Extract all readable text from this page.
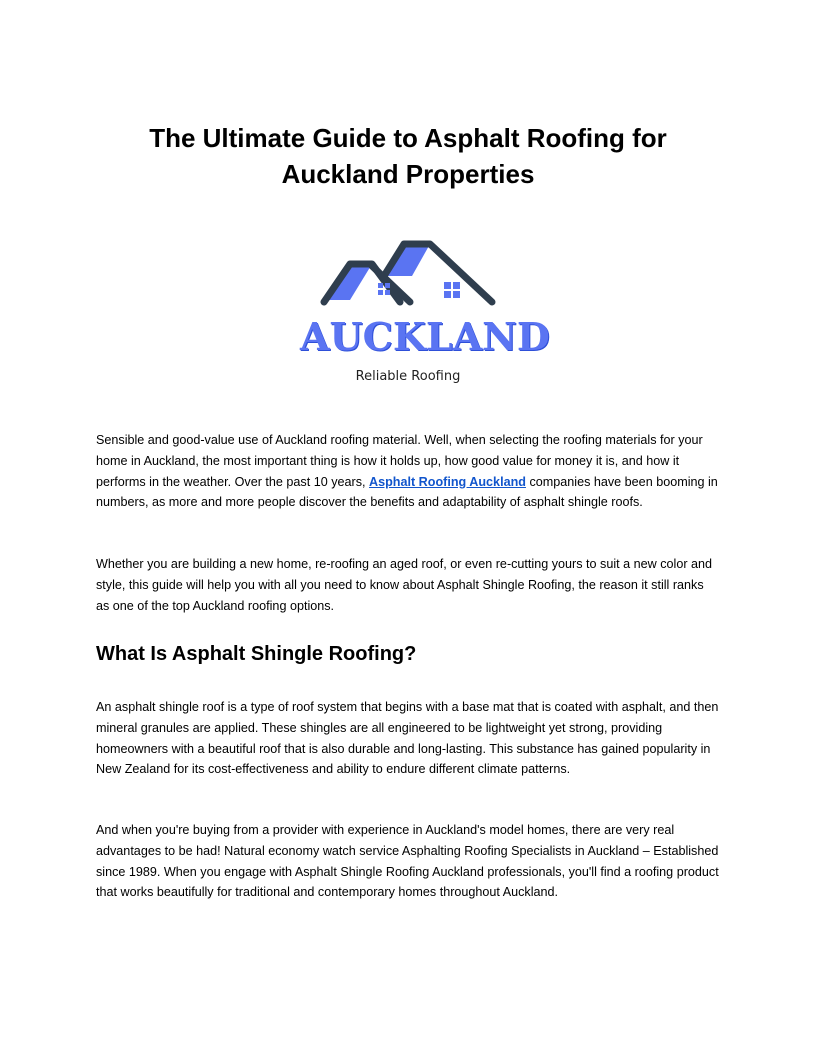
The Ultimate Guide to Asphalt Roofing for
Auckland Properties
AUCKLAND
Reliable Roofing

Sensible and good-value use of Auckland roofing material. Well, when selecting the roofing materials for your home in Auckland, the most important thing is how it holds up, how good value for money it is, and how it performs in the weather. Over the past 10 years, Asphalt Roofing Auckland companies have been booming in numbers, as more and more people discover the benefits and adaptability of asphalt shingle roofs.

Whether you are building a new home, re-roofing an aged roof, or even re-cutting yours to suit a new color and style, this guide will help you with all you need to know about Asphalt Shingle Roofing, the reason it still ranks as one of the top Auckland roofing options.

What Is Asphalt Shingle Roofing?

An asphalt shingle roof is a type of roof system that begins with a base mat that is coated with asphalt, and then mineral granules are applied. These shingles are all engineered to be lightweight yet strong, providing homeowners with a beautiful roof that is also durable and long-lasting. This substance has gained popularity in New Zealand for its cost-effectiveness and ability to endure different climate patterns.

And when you're buying from a provider with experience in Auckland's model homes, there are very real advantages to be had! Natural economy watch service Asphalting Roofing Specialists in Auckland – Established since 1989. When you engage with Asphalt Shingle Roofing Auckland professionals, you'll find a roofing product that works beautifully for traditional and contemporary homes throughout Auckland.
